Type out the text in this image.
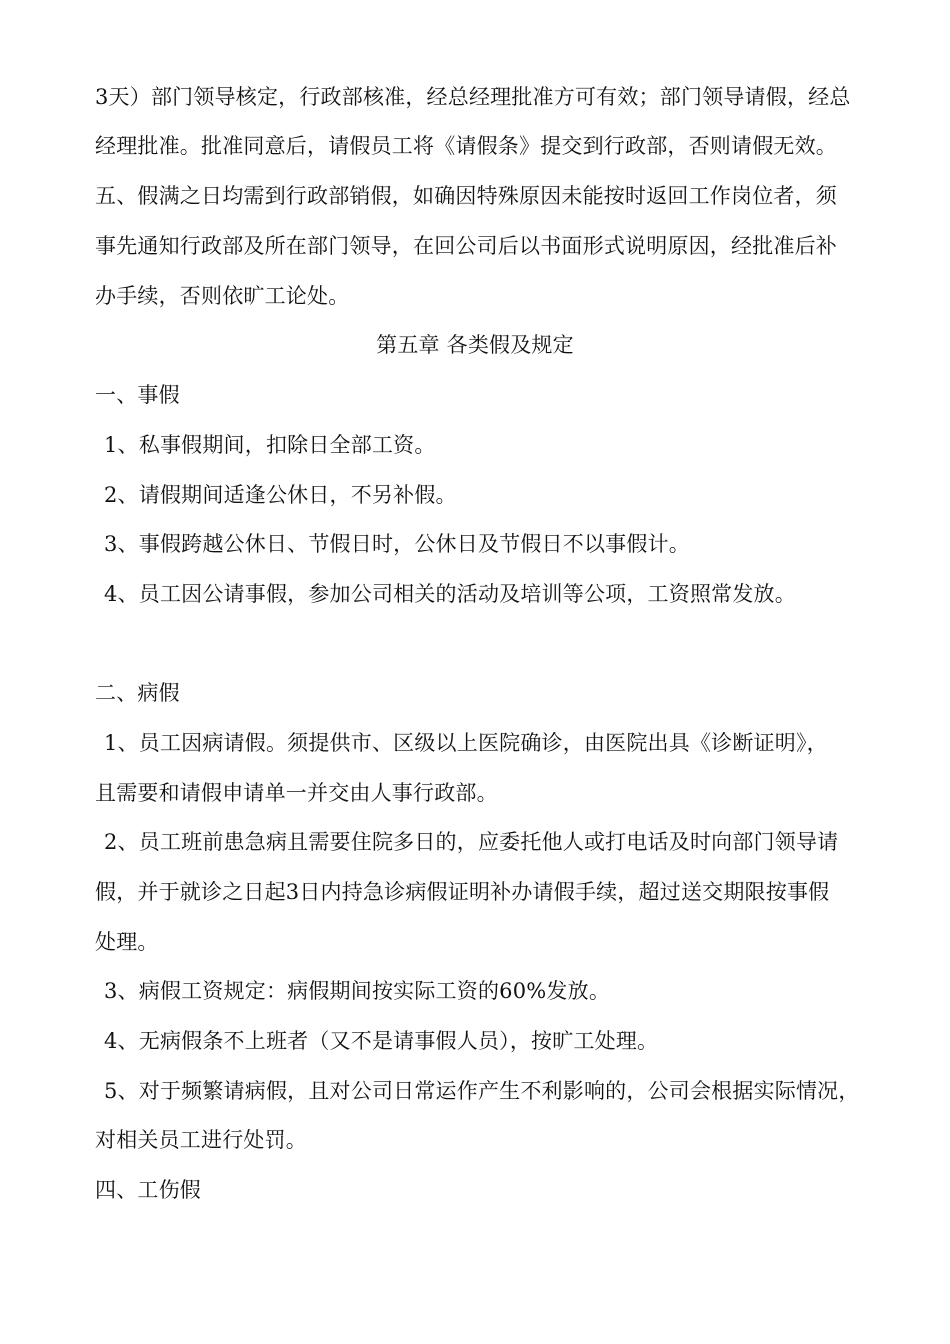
3天）部门领导核定，行政部核准，经总经理批准方可有效；部门领导请假，经总
经理批准。批准同意后，请假员工将《请假条》提交到行政部，否则请假无效。
五、假满之日均需到行政部销假，如确因特殊原因未能按时返回工作岗位者，须
事先通知行政部及所在部门领导，在回公司后以书面形式说明原因，经批准后补
办手续，否则依旷工论处。
第五章 各类假及规定
一、事假
1、私事假期间，扣除日全部工资。
2、请假期间适逢公休日，不另补假。
3、事假跨越公休日、节假日时，公休日及节假日不以事假计。
4、员工因公请事假，参加公司相关的活动及培训等公项，工资照常发放。
二、病假
1、员工因病请假。须提供市、区级以上医院确诊，由医院出具《诊断证明》，
且需要和请假申请单一并交由人事行政部。
2、员工班前患急病且需要住院多日的，应委托他人或打电话及时向部门领导请
假，并于就诊之日起3日内持急诊病假证明补办请假手续，超过送交期限按事假
处理。
3、病假工资规定：病假期间按实际工资的60%发放。
4、无病假条不上班者（又不是请事假人员），按旷工处理。
5、对于频繁请病假，且对公司日常运作产生不利影响的，公司会根据实际情况，
对相关员工进行处罚。
四、工伤假
